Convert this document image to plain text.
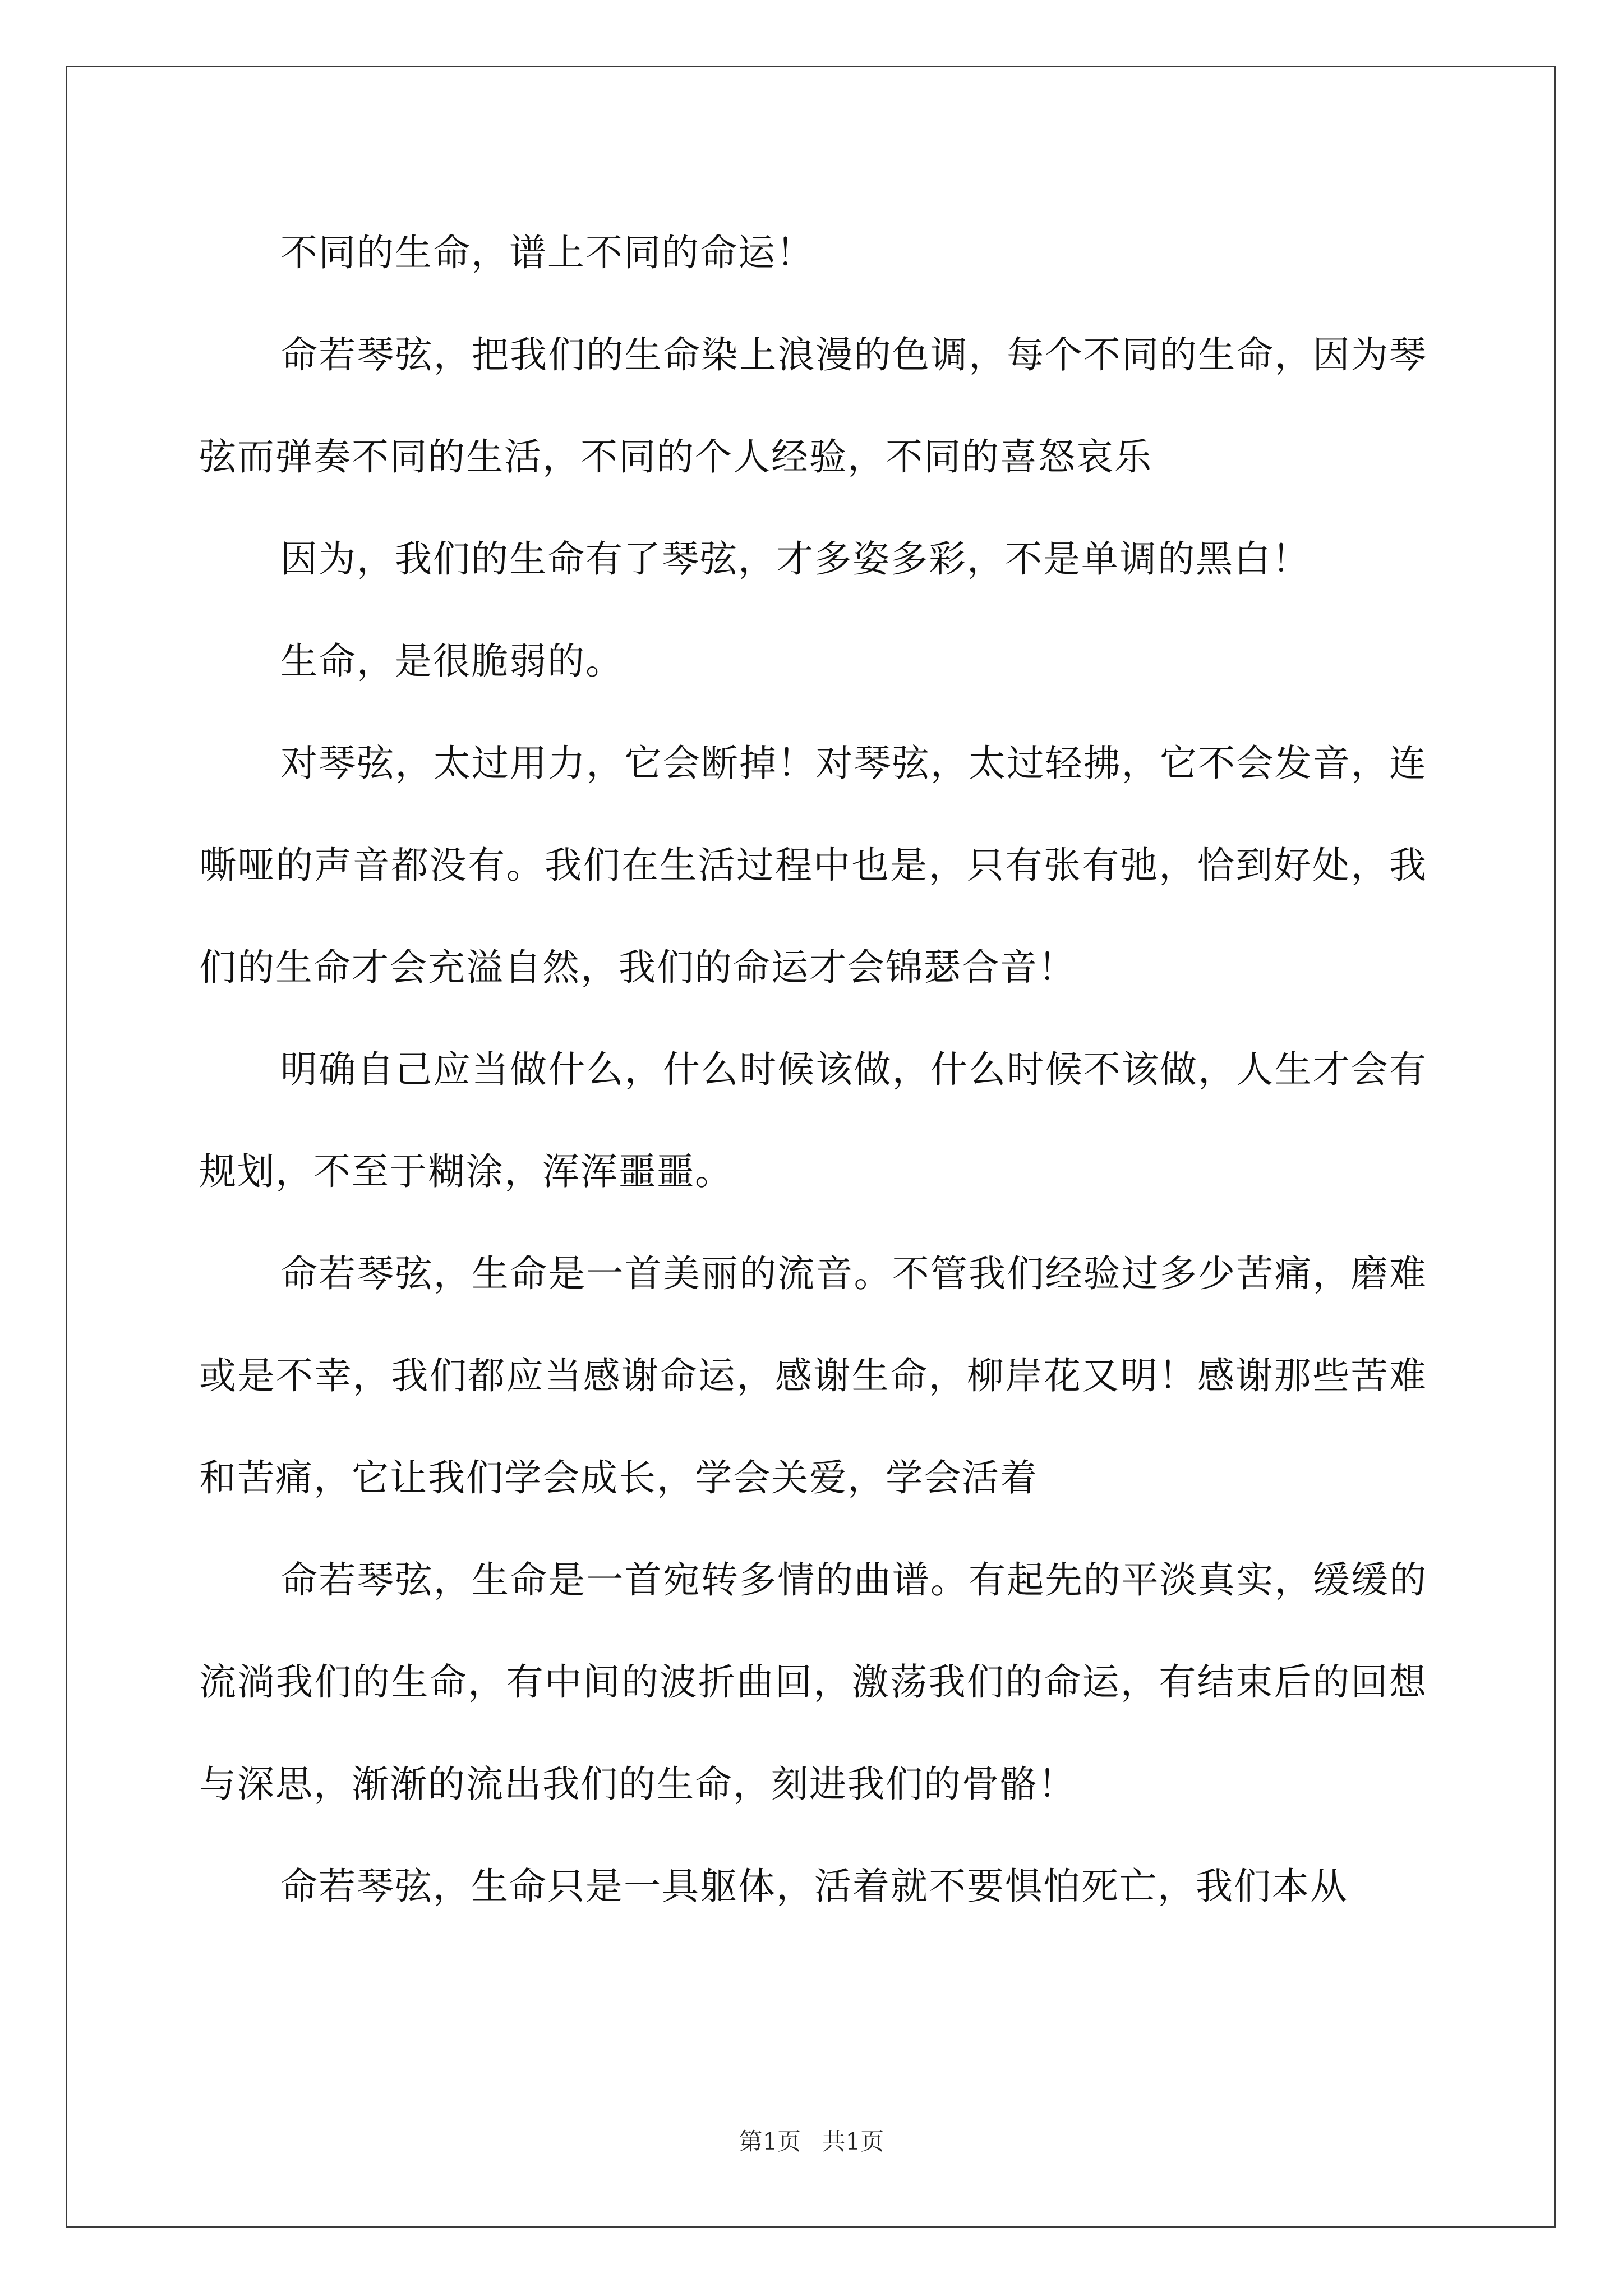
不同的生命，谱上不同的命运！

命若琴弦，把我们的生命染上浪漫的色调，每个不同的生命，因为琴弦而弹奏不同的生活，不同的个人经验，不同的喜怒哀乐

因为，我们的生命有了琴弦，才多姿多彩，不是单调的黑白！

生命，是很脆弱的。

对琴弦，太过用力，它会断掉！对琴弦，太过轻拂，它不会发音，连嘶哑的声音都没有。我们在生活过程中也是，只有张有弛，恰到好处，我们的生命才会充溢自然，我们的命运才会锦瑟合音！

明确自己应当做什么，什么时候该做，什么时候不该做，人生才会有规划，不至于糊涂，浑浑噩噩。

命若琴弦，生命是一首美丽的流音。不管我们经验过多少苦痛，磨难或是不幸，我们都应当感谢命运，感谢生命，柳岸花又明！感谢那些苦难和苦痛，它让我们学会成长，学会关爱，学会活着

命若琴弦，生命是一首宛转多情的曲谱。有起先的平淡真实，缓缓的流淌我们的生命，有中间的波折曲回，激荡我们的命运，有结束后的回想与深思，渐渐的流出我们的生命，刻进我们的骨骼！

命若琴弦，生命只是一具躯体，活着就不要惧怕死亡，我们本从

第1页 共1页
